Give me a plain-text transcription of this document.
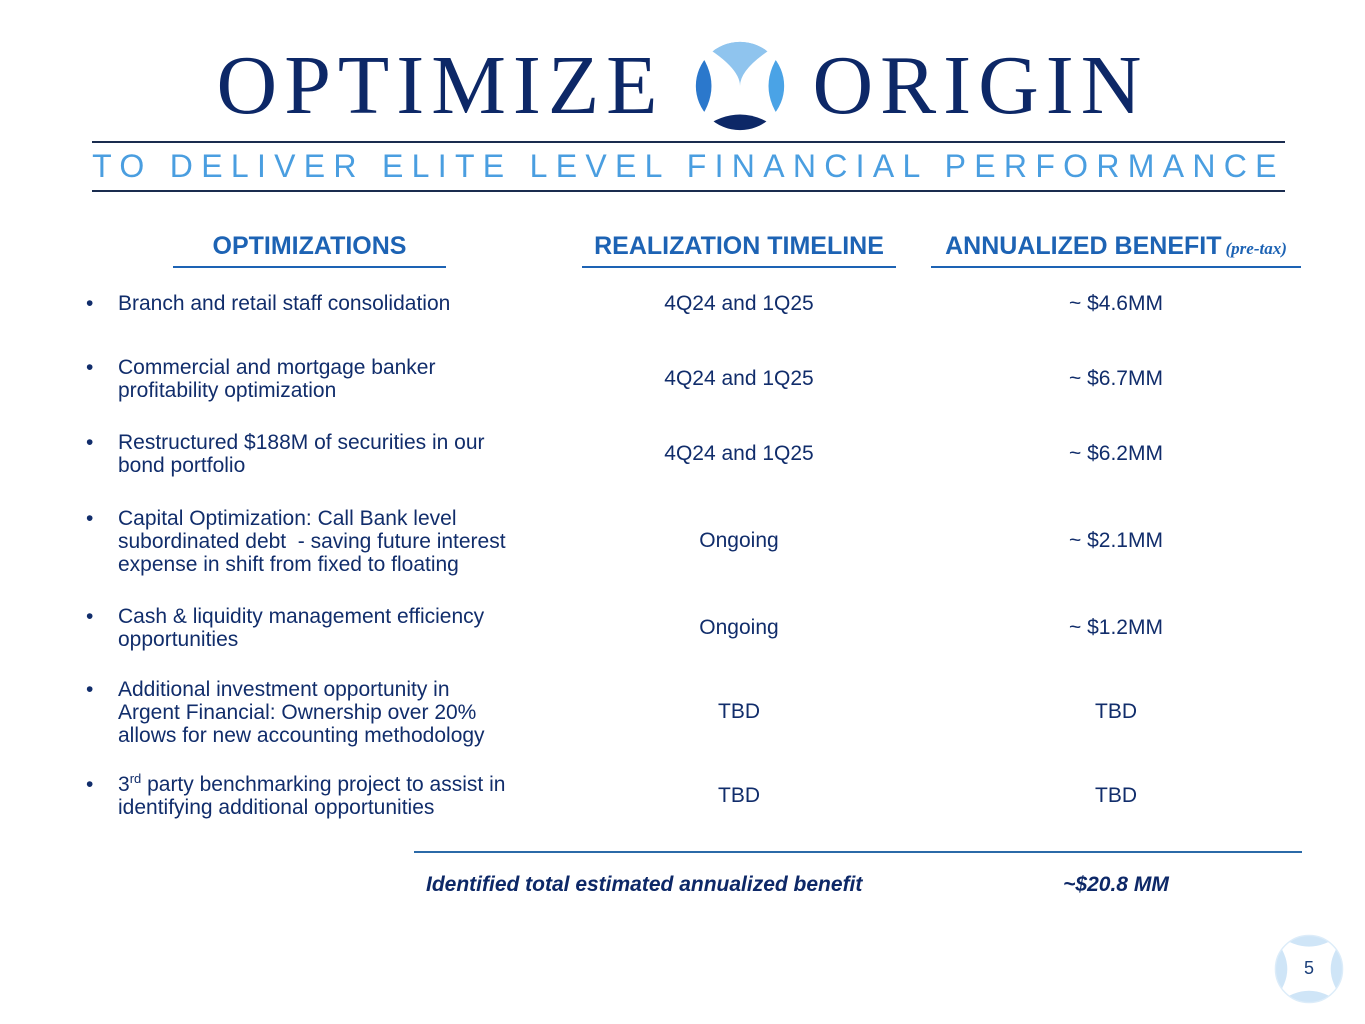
OPTIMIZE ORIGIN
TO DELIVER ELITE LEVEL FINANCIAL PERFORMANCE
OPTIMIZATIONS	REALIZATION TIMELINE	ANNUALIZED BENEFIT (pre-tax)
•	Branch and retail staff consolidation	4Q24 and 1Q25	~ $4.6MM
•	Commercial and mortgage banker
profitability optimization
4Q24 and 1Q25	~ $6.7MM
•	Restructured $188M of securities in our
bond portfolio
4Q24 and 1Q25	~ $6.2MM
•	Capital Optimization: Call Bank level
subordinated debt  - saving future interest
expense in shift from fixed to floating
Ongoing	~ $2.1MM
•	Cash & liquidity management efficiency
opportunities
Ongoing	~ $1.2MM
•	Additional investment opportunity in
Argent Financial: Ownership over 20%
allows for new accounting methodology
TBD	TBD
•	3rd party benchmarking project to assist in
identifying additional opportunities
TBD	TBD
Identified total estimated annualized benefit	~$20.8 MM
5
